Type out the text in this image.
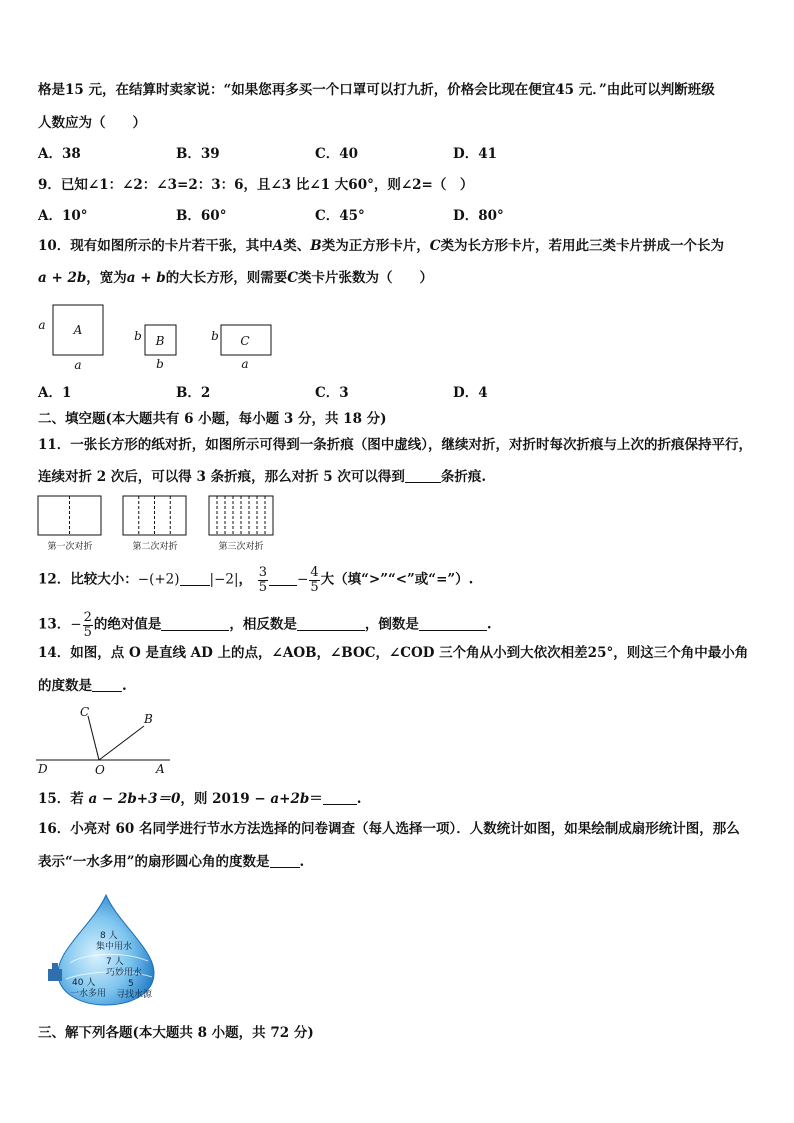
格是15 元，在结算时卖家说：“如果您再多买一个口罩可以打九折，价格会比现在便宜45 元．”由此可以判断班级
人数应为（　　）
A．38	B．39	C．40	D．41
9．已知∠1：∠2：∠3=2：3：6，且∠3 比∠1 大60°，则∠2=（　）
A．10°	B．60°	C．45°	D．80°
10．现有如图所示的卡片若干张，其中A类、B类为正方形卡片，C类为长方形卡片，若用此三类卡片拼成一个长为
a + 2b，宽为a + b的大长方形，则需要C类卡片张数为（　　）
A
a
a
B
b
b
C
b
a
A．1	B．2	C．3	D．4
二、填空题(本大题共有 6 小题，每小题 3 分，共 18 分)
11．一张长方形的纸对折，如图所示可得到一条折痕（图中虚线），继续对折，对折时每次折痕与上次的折痕保持平行，
连续对折 2 次后，可以得 3 条折痕，那么对折 5 次可以得到	条折痕.
第一次对折	第二次对折	第三次对折
12．比较大小：−(+2) |−2|， $\frac{3}{5} - \frac{4}{5}$ 大（填“>”“<”或“=”）.
13．− $\frac{2}{5}$ 的绝对值是	，相反数是	，倒数是	.
14．如图，点 O 是直线 AD 上的点，∠AOB，∠BOC，∠COD 三个角从小到大依次相差25°，则这三个角中最小角
的度数是 .
C	B
D	O	A
15．若 a − 2b+3＝0，则 2019 − a+2b＝	.
16．小亮对 60 名同学进行节水方法选择的问卷调查（每人选择一项）．人数统计如图，如果绘制成扇形统计图，那么
表示“一水多用”的扇形圆心角的度数是 .
8 人
集中用水
7 人
巧妙用水
40 人
一水多用
5
寻找水源
三、解下列各题(本大题共 8 小题，共 72 分)
